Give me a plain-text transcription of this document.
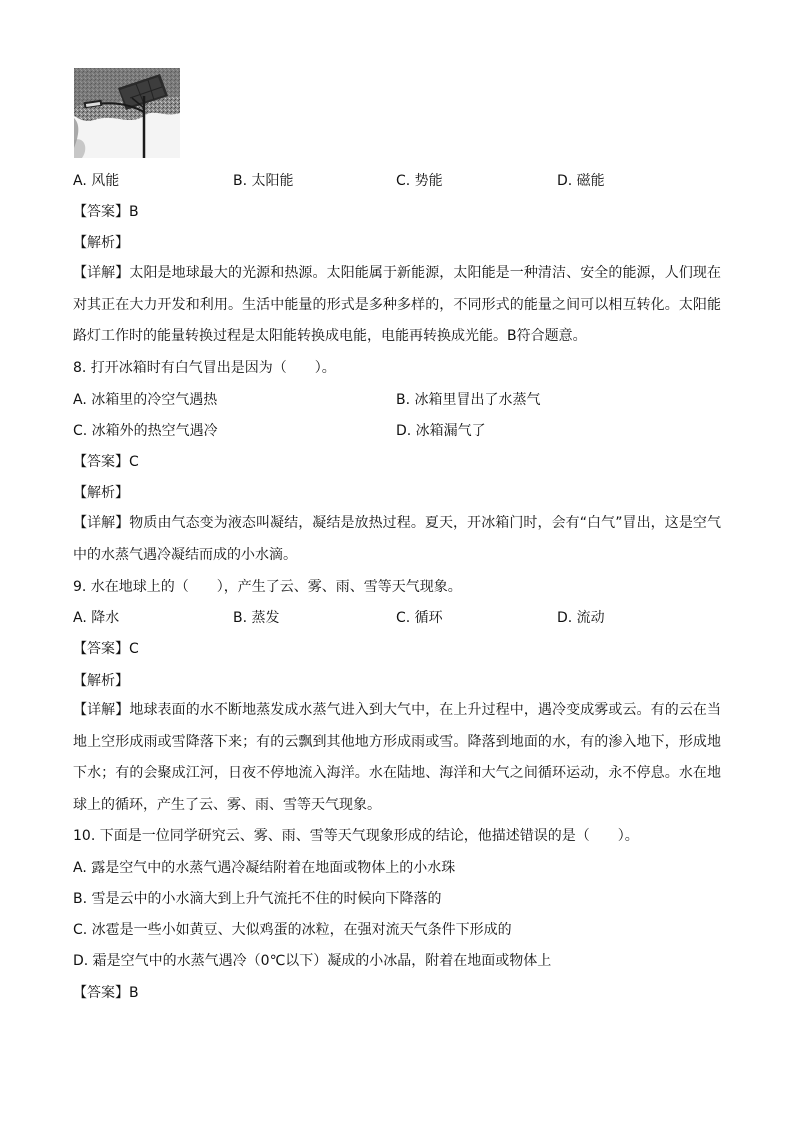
A. 风能	B. 太阳能	C. 势能	D. 磁能
【答案】B
【解析】
【详解】太阳是地球最大的光源和热源。太阳能属于新能源，太阳能是一种清洁、安全的能源，人们现在对其正在大力开发和利用。生活中能量的形式是多种多样的，不同形式的能量之间可以相互转化。太阳能路灯工作时的能量转换过程是太阳能转换成电能，电能再转换成光能。B符合题意。
8. 打开冰箱时有白气冒出是因为（　　）。
A. 冰箱里的冷空气遇热	B. 冰箱里冒出了水蒸气
C. 冰箱外的热空气遇冷	D. 冰箱漏气了
【答案】C
【解析】
【详解】物质由气态变为液态叫凝结，凝结是放热过程。夏天，开冰箱门时，会有“白气”冒出，这是空气中的水蒸气遇冷凝结而成的小水滴。
9. 水在地球上的（　　），产生了云、雾、雨、雪等天气现象。
A. 降水	B. 蒸发	C. 循环	D. 流动
【答案】C
【解析】
【详解】地球表面的水不断地蒸发成水蒸气进入到大气中，在上升过程中，遇冷变成雾或云。有的云在当地上空形成雨或雪降落下来；有的云飘到其他地方形成雨或雪。降落到地面的水，有的渗入地下，形成地下水；有的会聚成江河，日夜不停地流入海洋。水在陆地、海洋和大气之间循环运动，永不停息。水在地球上的循环，产生了云、雾、雨、雪等天气现象。
10. 下面是一位同学研究云、雾、雨、雪等天气现象形成的结论，他描述错误的是（　　）。
A. 露是空气中的水蒸气遇冷凝结附着在地面或物体上的小水珠
B. 雪是云中的小水滴大到上升气流托不住的时候向下降落的
C. 冰雹是一些小如黄豆、大似鸡蛋的冰粒，在强对流天气条件下形成的
D. 霜是空气中的水蒸气遇冷（0℃以下）凝成的小冰晶，附着在地面或物体上
【答案】B
